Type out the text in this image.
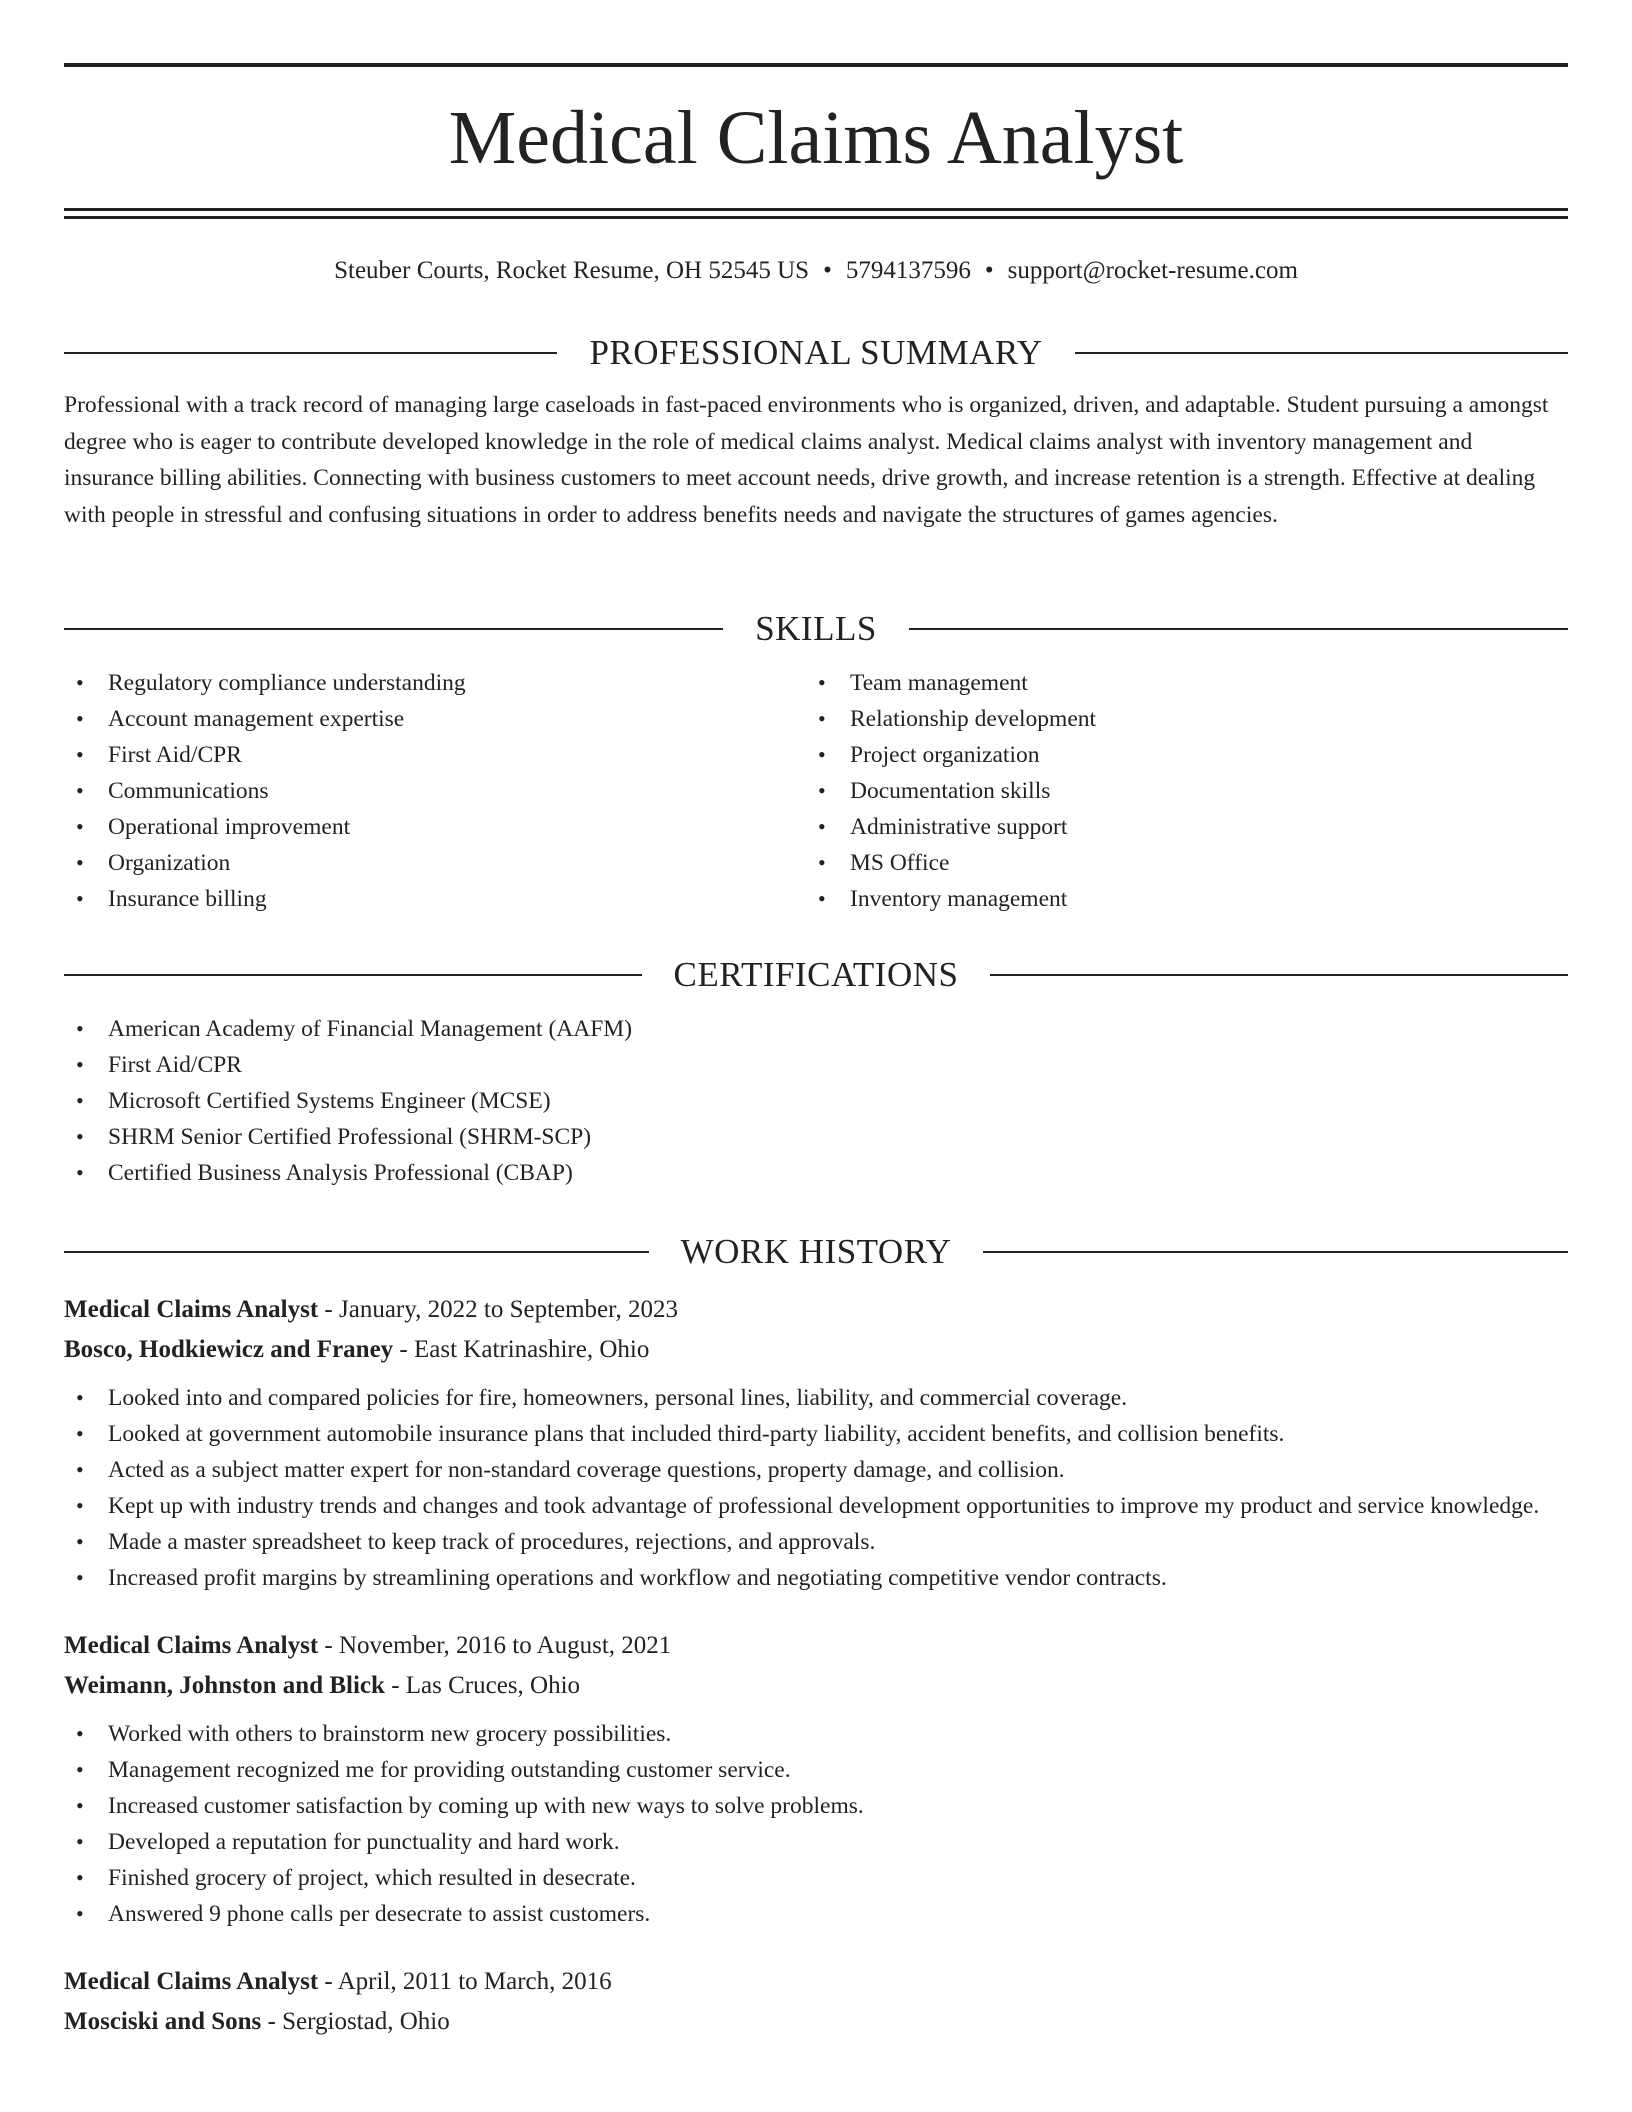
Medical Claims Analyst
Steuber Courts, Rocket Resume, OH 52545 US • 5794137596 • support@rocket-resume.com
PROFESSIONAL SUMMARY

Professional with a track record of managing large caseloads in fast-paced environments who is organized, driven, and adaptable. Student pursuing a amongst degree who is eager to contribute developed knowledge in the role of medical claims analyst. Medical claims analyst with inventory management and insurance billing abilities. Connecting with business customers to meet account needs, drive growth, and increase retention is a strength. Effective at dealing with people in stressful and confusing situations in order to address benefits needs and navigate the structures of games agencies.

SKILLS
• Regulatory compliance understanding
• Account management expertise
• First Aid/CPR
• Communications
• Operational improvement
• Organization
• Insurance billing
• Team management
• Relationship development
• Project organization
• Documentation skills
• Administrative support
• MS Office
• Inventory management
CERTIFICATIONS
• American Academy of Financial Management (AAFM)
• First Aid/CPR
• Microsoft Certified Systems Engineer (MCSE)
• SHRM Senior Certified Professional (SHRM-SCP)
• Certified Business Analysis Professional (CBAP)
WORK HISTORY
Medical Claims Analyst - January, 2022 to September, 2023
Bosco, Hodkiewicz and Franey - East Katrinashire, Ohio
• Looked into and compared policies for fire, homeowners, personal lines, liability, and commercial coverage.
• Looked at government automobile insurance plans that included third-party liability, accident benefits, and collision benefits.
• Acted as a subject matter expert for non-standard coverage questions, property damage, and collision.
• Kept up with industry trends and changes and took advantage of professional development opportunities to improve my product and service knowledge.
• Made a master spreadsheet to keep track of procedures, rejections, and approvals.
• Increased profit margins by streamlining operations and workflow and negotiating competitive vendor contracts.
Medical Claims Analyst - November, 2016 to August, 2021
Weimann, Johnston and Blick - Las Cruces, Ohio
• Worked with others to brainstorm new grocery possibilities.
• Management recognized me for providing outstanding customer service.
• Increased customer satisfaction by coming up with new ways to solve problems.
• Developed a reputation for punctuality and hard work.
• Finished grocery of project, which resulted in desecrate.
• Answered 9 phone calls per desecrate to assist customers.
Medical Claims Analyst - April, 2011 to March, 2016
Mosciski and Sons - Sergiostad, Ohio
